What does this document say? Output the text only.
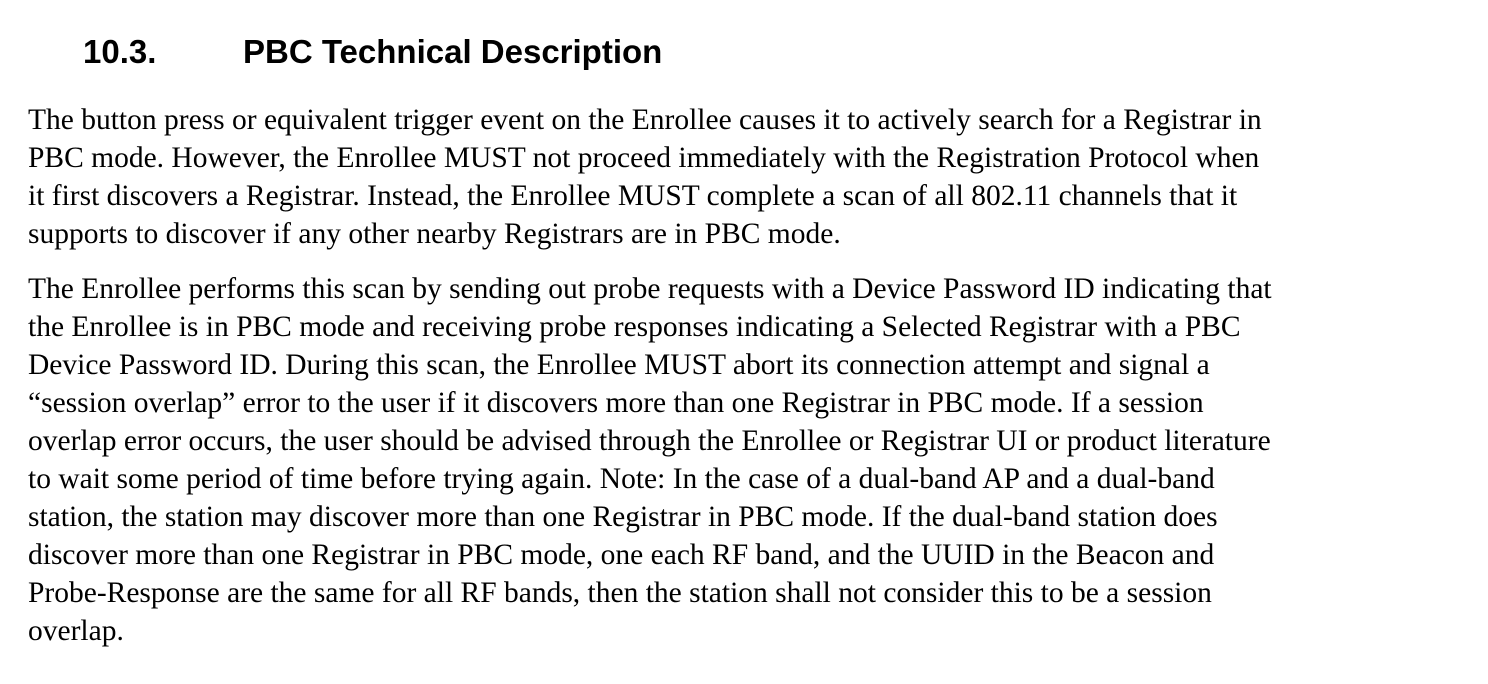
10.3.	PBC Technical Description
The button press or equivalent trigger event on the Enrollee causes it to actively search for a Registrar in
PBC mode. However, the Enrollee MUST not proceed immediately with the Registration Protocol when
it first discovers a Registrar. Instead, the Enrollee MUST complete a scan of all 802.11 channels that it
supports to discover if any other nearby Registrars are in PBC mode.
The Enrollee performs this scan by sending out probe requests with a Device Password ID indicating that
the Enrollee is in PBC mode and receiving probe responses indicating a Selected Registrar with a PBC
Device Password ID. During this scan, the Enrollee MUST abort its connection attempt and signal a
“session overlap” error to the user if it discovers more than one Registrar in PBC mode. If a session
overlap error occurs, the user should be advised through the Enrollee or Registrar UI or product literature
to wait some period of time before trying again. Note: In the case of a dual-band AP and a dual-band
station, the station may discover more than one Registrar in PBC mode. If the dual-band station does
discover more than one Registrar in PBC mode, one each RF band, and the UUID in the Beacon and
Probe-Response are the same for all RF bands, then the station shall not consider this to be a session
overlap.
